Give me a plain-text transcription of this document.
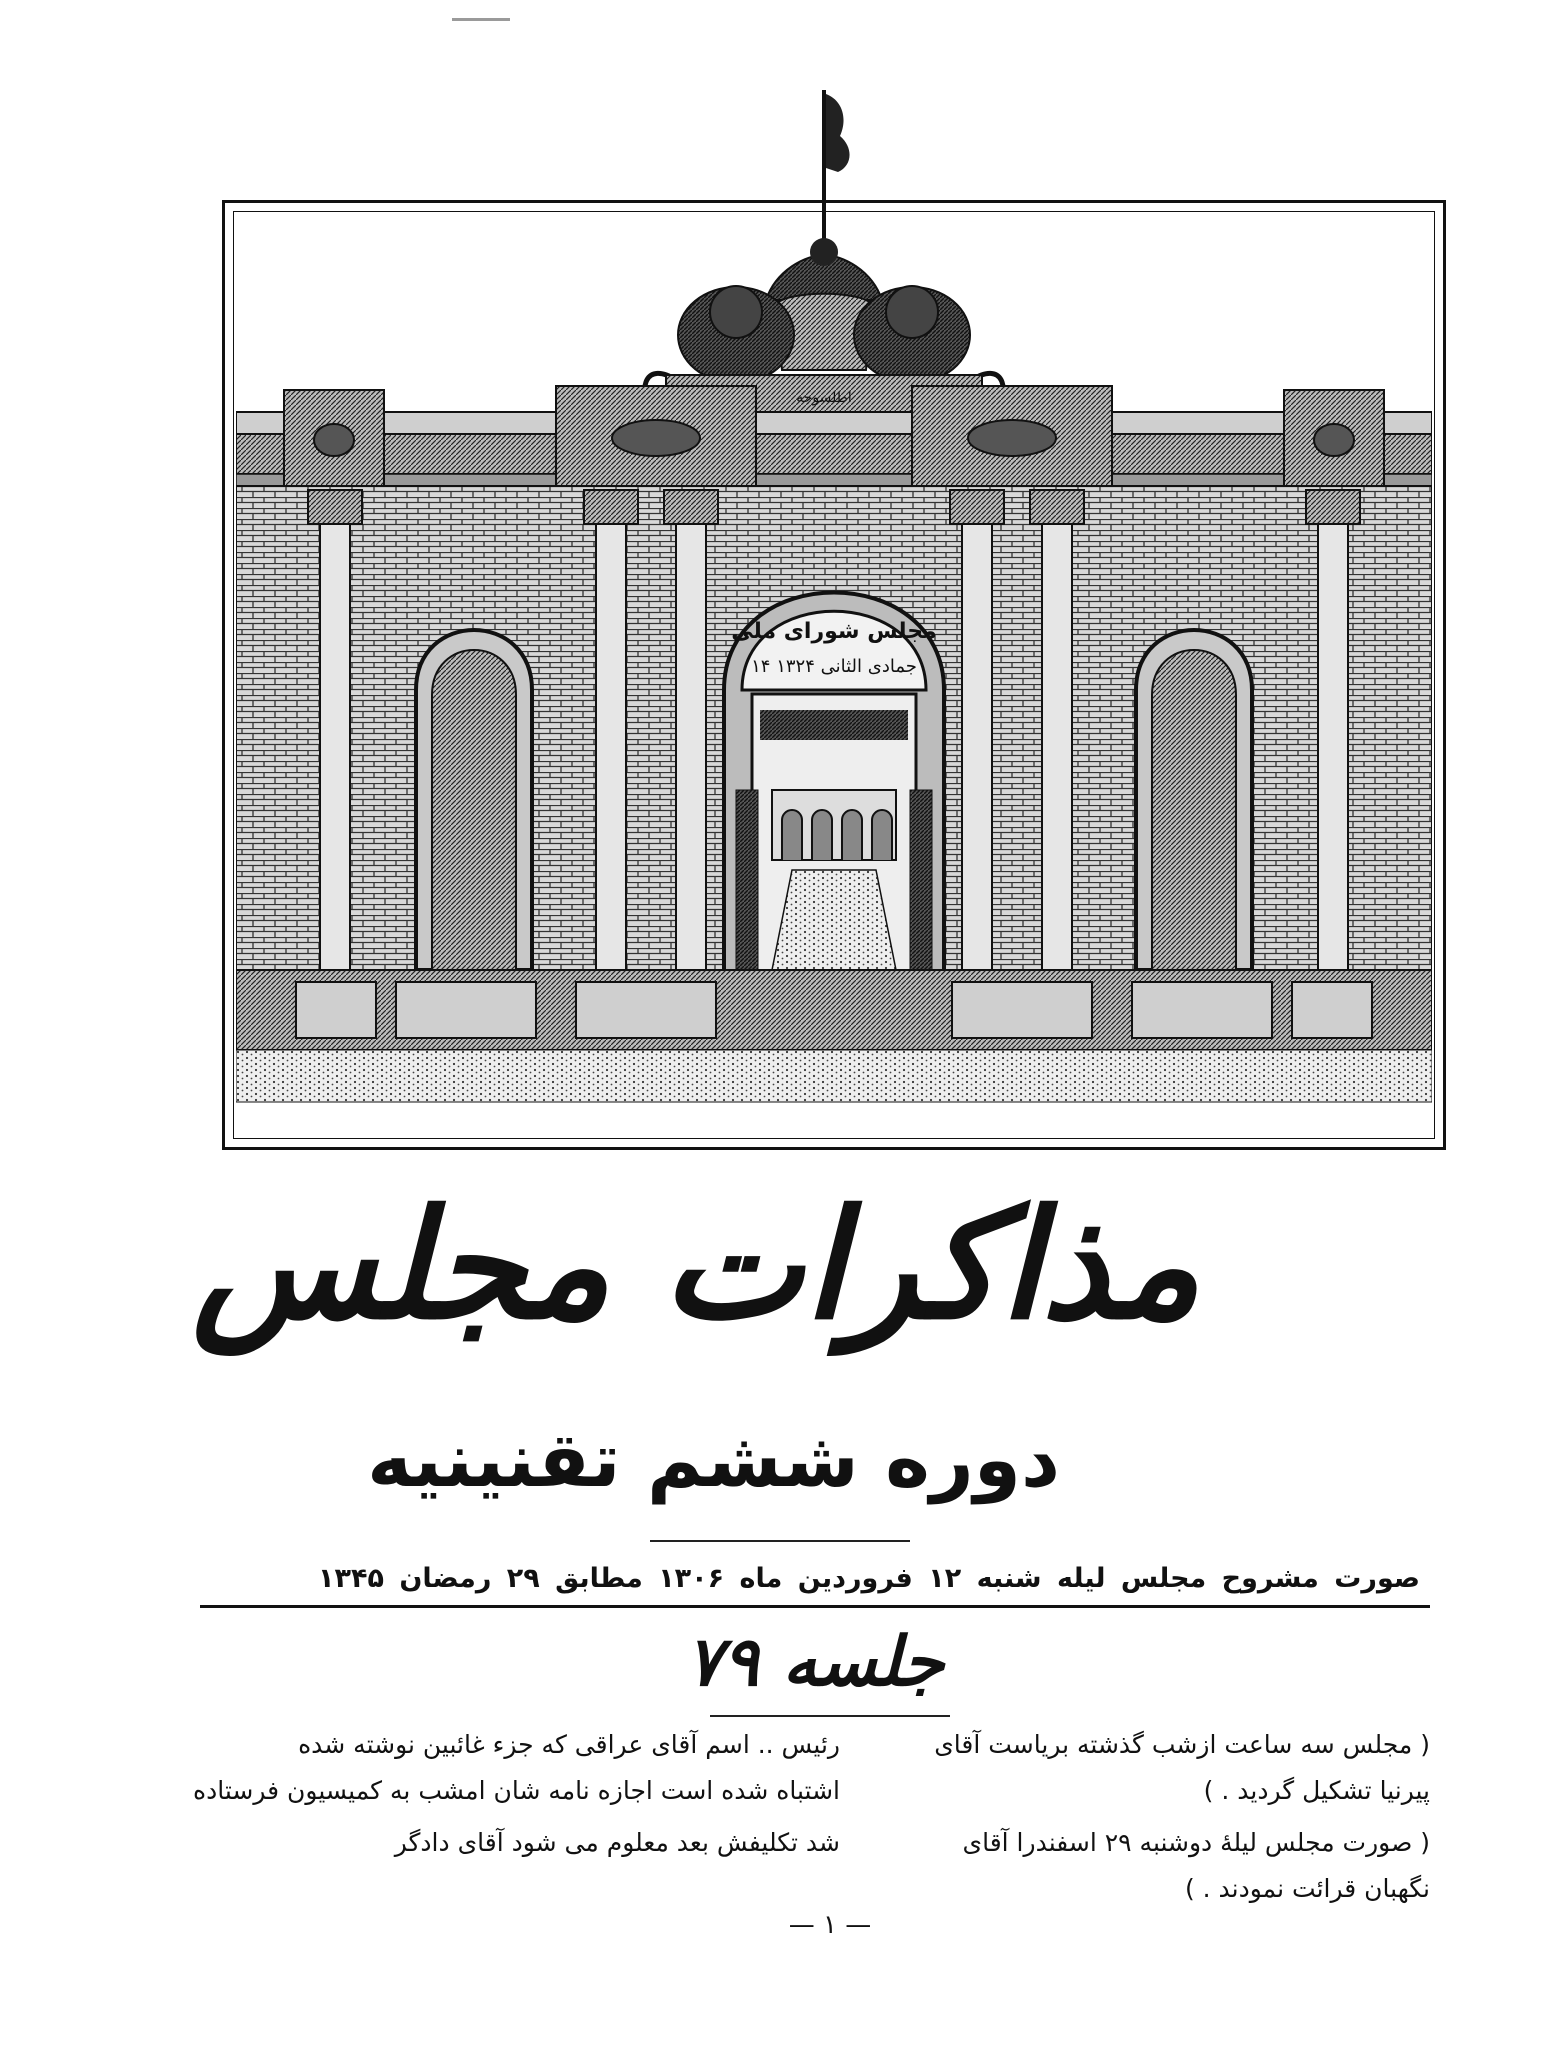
اطلسوجه
مجلس شورای ملی
۱۴ جمادی الثانی ۱۳۲۴
مذاکرات مجلس
دوره ششم تقنینیه
صورت مشروح مجلس لیله شنبه ۱۲ فروردین ماه ۱۳۰۶ مطابق ۲۹ رمضان ۱۳۴۵
جلسه ۷۹

( مجلس سه ساعت ازشب گذشته بریاست آقای

پیرنیا تشکیل گردید . )

( صورت مجلس لیلهٔ دوشنبه ۲۹ اسفندرا آقای

نگهبان قرائت نمودند . )

رئیس .. اسم آقای عراقی که جزء غائبین نوشته شده

اشتباه شده است اجازه نامه شان امشب به کمیسیون فرستاده

شد تکلیفش بعد معلوم می شود آقای دادگر

— ۱ —
